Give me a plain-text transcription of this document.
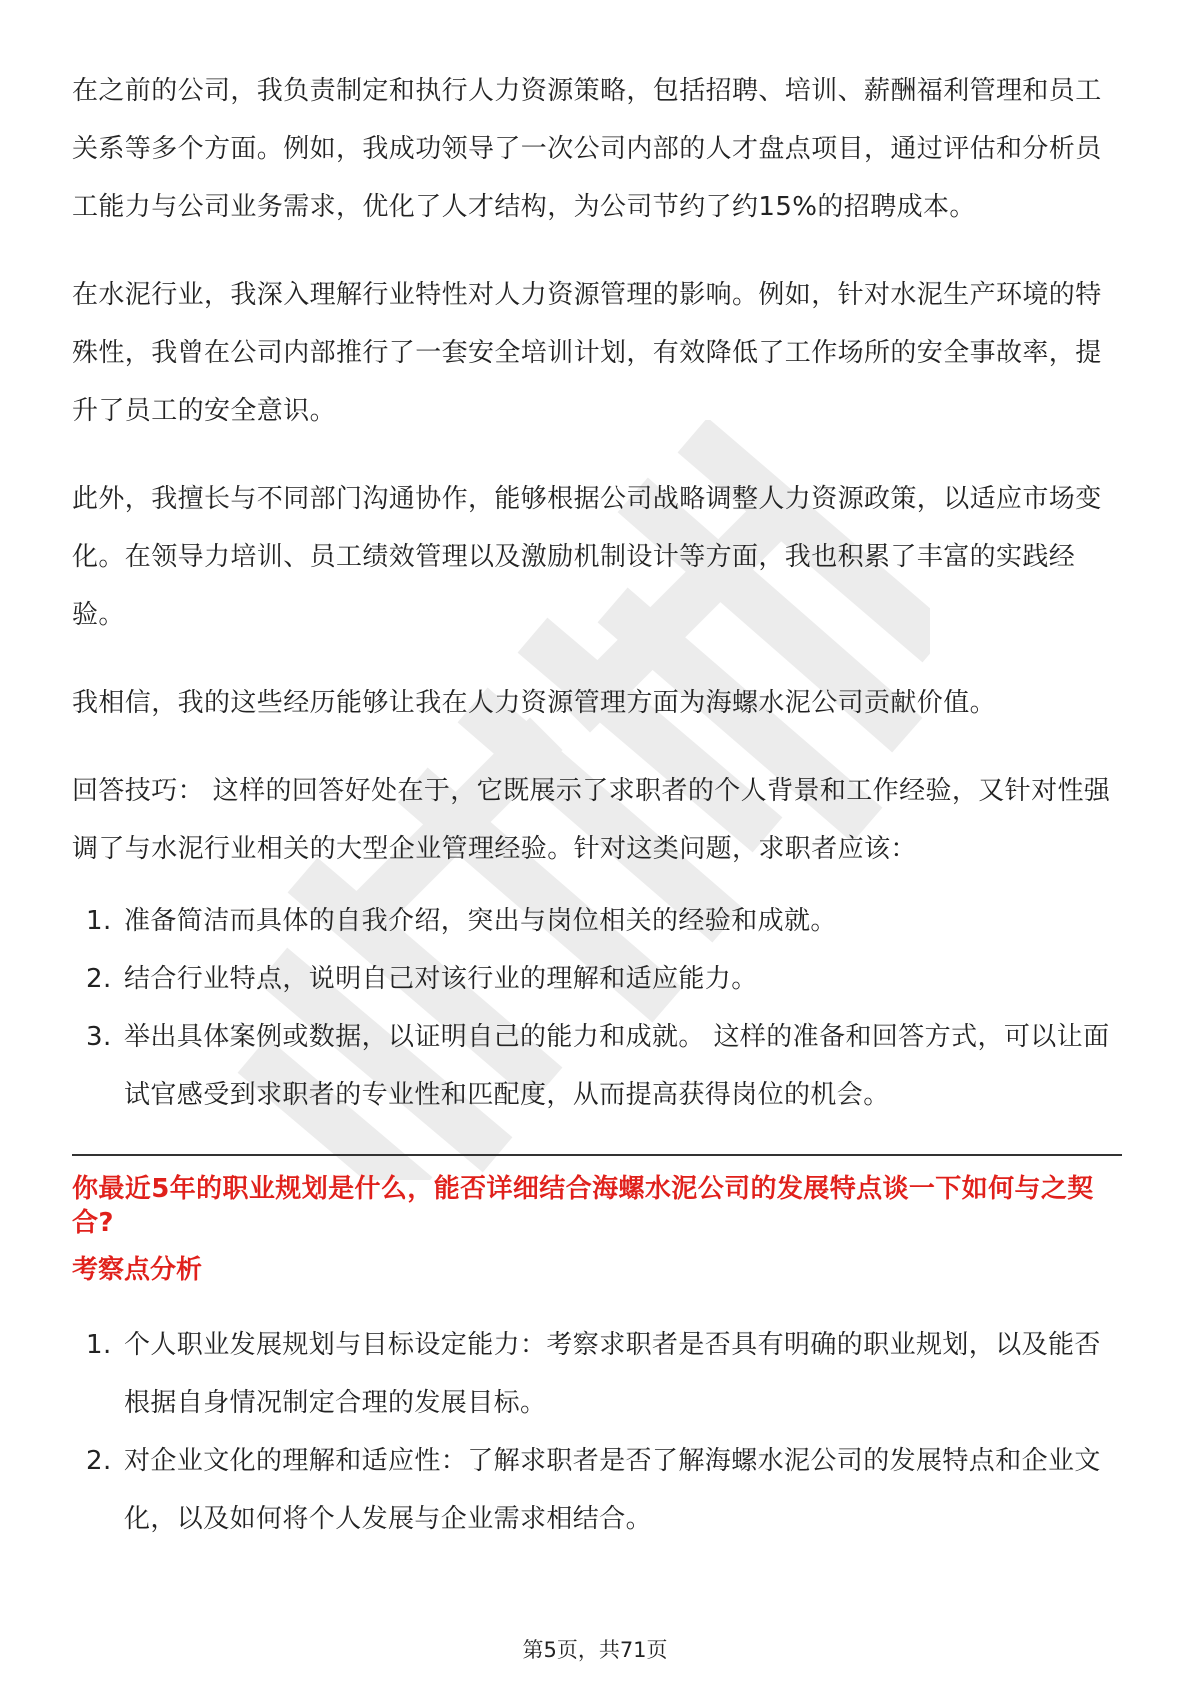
在之前的公司，我负责制定和执行人力资源策略，包括招聘、培训、薪酬福利管理和员工关系等多个方面。例如，我成功领导了一次公司内部的人才盘点项目，通过评估和分析员工能力与公司业务需求，优化了人才结构，为公司节约了约15%的招聘成本。

在水泥行业，我深入理解行业特性对人力资源管理的影响。例如，针对水泥生产环境的特殊性，我曾在公司内部推行了一套安全培训计划，有效降低了工作场所的安全事故率，提升了员工的安全意识。

此外，我擅长与不同部门沟通协作，能够根据公司战略调整人力资源政策，以适应市场变化。在领导力培训、员工绩效管理以及激励机制设计等方面，我也积累了丰富的实践经验。

我相信，我的这些经历能够让我在人力资源管理方面为海螺水泥公司贡献价值。

回答技巧： 这样的回答好处在于，它既展示了求职者的个人背景和工作经验，又针对性强调了与水泥行业相关的大型企业管理经验。针对这类问题，求职者应该：

1. 准备简洁而具体的自我介绍，突出与岗位相关的经验和成就。
2. 结合行业特点，说明自己对该行业的理解和适应能力。
3. 举出具体案例或数据，以证明自己的能力和成就。 这样的准备和回答方式，可以让面试官感受到求职者的专业性和匹配度，从而提高获得岗位的机会。

你最近5年的职业规划是什么，能否详细结合海螺水泥公司的发展特点谈一下如何与之契合?

考察点分析

1. 个人职业发展规划与目标设定能力：考察求职者是否具有明确的职业规划，以及能否根据自身情况制定合理的发展目标。
2. 对企业文化的理解和适应性：了解求职者是否了解海螺水泥公司的发展特点和企业文化，以及如何将个人发展与企业需求相结合。
第5页，共71页
